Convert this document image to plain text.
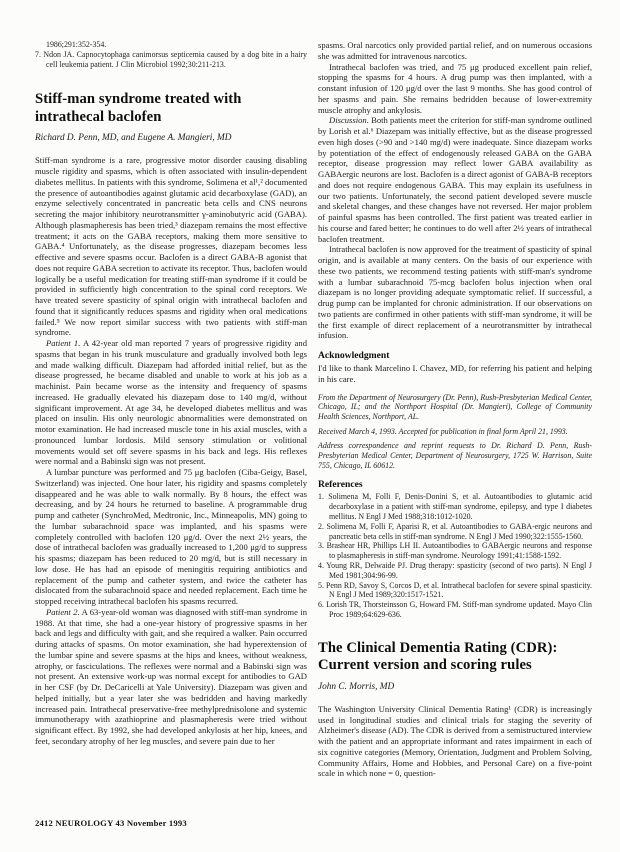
1986;291:352-354.
7. Ndon JA. Capnocytophaga canimorsus septicemia caused by a dog bite in a hairy cell leukemia patient. J Clin Microbiol 1992;30:211-213.
Stiff-man syndrome treated with intrathecal baclofen
Richard D. Penn, MD, and Eugene A. Mangieri, MD

Stiff-man syndrome is a rare, progressive motor disorder causing disabling muscle rigidity and spasms, which is often associated with insulin-dependent diabetes mellitus. In patients with this syndrome, Solimena et al¹,² documented the presence of autoantibodies against glutamic acid decarboxylase (GAD), an enzyme selectively concentrated in pancreatic beta cells and CNS neurons secreting the major inhibitory neurotransmitter γ-aminobutyric acid (GABA). Although plasmapheresis has been tried,³ diazepam remains the most effective treatment; it acts on the GABA receptors, making them more sensitive to GABA.⁴ Unfortunately, as the disease progresses, diazepam becomes less effective and severe spasms occur. Baclofen is a direct GABA-B agonist that does not require GABA secretion to activate its receptor. Thus, baclofen would logically be a useful medication for treating stiff-man syndrome if it could be provided in sufficiently high concentration to the spinal cord receptors. We have treated severe spasticity of spinal origin with intrathecal baclofen and found that it significantly reduces spasms and rigidity when oral medications failed.⁵ We now report similar success with two patients with stiff-man syndrome.

Patient 1. A 42-year old man reported 7 years of progressive rigidity and spasms that began in his trunk musculature and gradually involved both legs and made walking difficult. Diazepam had afforded initial relief, but as the disease progressed, he became disabled and unable to work at his job as a machinist. Pain became worse as the intensity and frequency of spasms increased. He gradually elevated his diazepam dose to 140 mg/d, without significant improvement. At age 34, he developed diabetes mellitus and was placed on insulin. His only neurologic abnormalities were demonstrated on motor examination. He had increased muscle tone in his axial muscles, with a pronounced lumbar lordosis. Mild sensory stimulation or volitional movements would set off severe spasms in his back and legs. His reflexes were normal and a Babinski sign was not present.

A lumbar puncture was performed and 75 μg baclofen (Ciba-Geigy, Basel, Switzerland) was injected. One hour later, his rigidity and spasms completely disappeared and he was able to walk normally. By 8 hours, the effect was decreasing, and by 24 hours he returned to baseline. A programmable drug pump and catheter (SynchroMed, Medtronic, Inc., Minneapolis, MN) going to the lumbar subarachnoid space was implanted, and his spasms were completely controlled with baclofen 120 μg/d. Over the next 2½ years, the dose of intrathecal baclofen was gradually increased to 1,200 μg/d to suppress his spasms; diazepam has been reduced to 20 mg/d, but is still necessary in low dose. He has had an episode of meningitis requiring antibiotics and replacement of the pump and catheter system, and twice the catheter has dislocated from the subarachnoid space and needed replacement. Each time he stopped receiving intrathecal baclofen his spasms recurred.

Patient 2. A 63-year-old woman was diagnosed with stiff-man syndrome in 1988. At that time, she had a one-year history of progressive spasms in her back and legs and difficulty with gait, and she required a walker. Pain occurred during attacks of spasms. On motor examination, she had hyperextension of the lumbar spine and severe spasms at the hips and knees, without weakness, atrophy, or fasciculations. The reflexes were normal and a Babinski sign was not present. An extensive work-up was normal except for antibodies to GAD in her CSF (by Dr. DeCaricelli at Yale University). Diazepam was given and helped initially, but a year later she was bedridden and having markedly increased pain. Intrathecal preservative-free methylprednisolone and systemic immunotherapy with azathioprine and plasmapheresis were tried without significant effect. By 1992, she had developed ankylosis at her hip, knees, and feet, secondary atrophy of her leg muscles, and severe pain due to her

spasms. Oral narcotics only provided partial relief, and on numerous occasions she was admitted for intravenous narcotics.

Intrathecal baclofen was tried, and 75 μg produced excellent pain relief, stopping the spasms for 4 hours. A drug pump was then implanted, with a constant infusion of 120 μg/d over the last 9 months. She has good control of her spasms and pain. She remains bedridden because of lower-extremity muscle atrophy and ankylosis.

Discussion. Both patients meet the criterion for stiff-man syndrome outlined by Lorish et al.⁶ Diazepam was initially effective, but as the disease progressed even high doses (>90 and >140 mg/d) were inadequate. Since diazepam works by potentiation of the effect of endogenously released GABA on the GABA receptor, disease progression may reflect lower GABA availability as GABAergic neurons are lost. Baclofen is a direct agonist of GABA-B receptors and does not require endogenous GABA. This may explain its usefulness in our two patients. Unfortunately, the second patient developed severe muscle and skeletal changes, and these changes have not reversed. Her major problem of painful spasms has been controlled. The first patient was treated earlier in his course and fared better; he continues to do well after 2½ years of intrathecal baclofen treatment.

Intrathecal baclofen is now approved for the treatment of spasticity of spinal origin, and is available at many centers. On the basis of our experience with these two patients, we recommend testing patients with stiff-man's syndrome with a lumbar subarachnoid 75-mcg baclofen bolus injection when oral diazepam is no longer providing adequate symptomatic relief. If successful, a drug pump can be implanted for chronic administration. If our observations on two patients are confirmed in other patients with stiff-man syndrome, it will be the first example of direct replacement of a neurotransmitter by intrathecal infusion.

Acknowledgment

I'd like to thank Marcelino I. Chavez, MD, for referring his patient and helping in his care.

From the Department of Neurosurgery (Dr. Penn), Rush-Presbyterian Medical Center, Chicago, IL; and the Northport Hospital (Dr. Mangieri), College of Community Health Sciences, Northport, AL.

Received March 4, 1993. Accepted for publication in final form April 21, 1993.

Address correspondence and reprint requests to Dr. Richard D. Penn, Rush-Presbyterian Medical Center, Department of Neurosurgery, 1725 W. Harrison, Suite 755, Chicago, IL 60612.

References
1. Solimena M, Folli F, Denis-Donini S, et al. Autoantibodies to glutamic acid decarboxylase in a patient with stiff-man syndrome, epilepsy, and type I diabetes mellitus. N Engl J Med 1988;318:1012-1020.
2. Solimena M, Folli F, Aparisi R, et al. Autoantibodies to GABA-ergic neurons and pancreatic beta cells in stiff-man syndrome. N Engl J Med 1990;322:1555-1560.
3. Brashear HR, Phillips LH II. Autoantibodies to GABAergic neurons and response to plasmapheresis in stiff-man syndrome. Neurology 1991;41:1588-1592.
4. Young RR, Delwaide PJ. Drug therapy: spasticity (second of two parts). N Engl J Med 1981;304:96-99.
5. Penn RD, Savoy S, Corcos D, et al. Intrathecal baclofen for severe spinal spasticity. N Engl J Med 1989;320:1517-1521.
6. Lorish TR, Thorsteinsson G, Howard FM. Stiff-man syndrome updated. Mayo Clin Proc 1989;64:629-636.
The Clinical Dementia Rating (CDR): Current version and scoring rules
John C. Morris, MD

The Washington University Clinical Dementia Rating¹ (CDR) is increasingly used in longitudinal studies and clinical trials for staging the severity of Alzheimer's disease (AD). The CDR is derived from a semistructured interview with the patient and an appropriate informant and rates impairment in each of six cognitive categories (Memory, Orientation, Judgment and Problem Solving, Community Affairs, Home and Hobbies, and Personal Care) on a five-point scale in which none = 0, question-

2412 NEUROLOGY 43 November 1993
